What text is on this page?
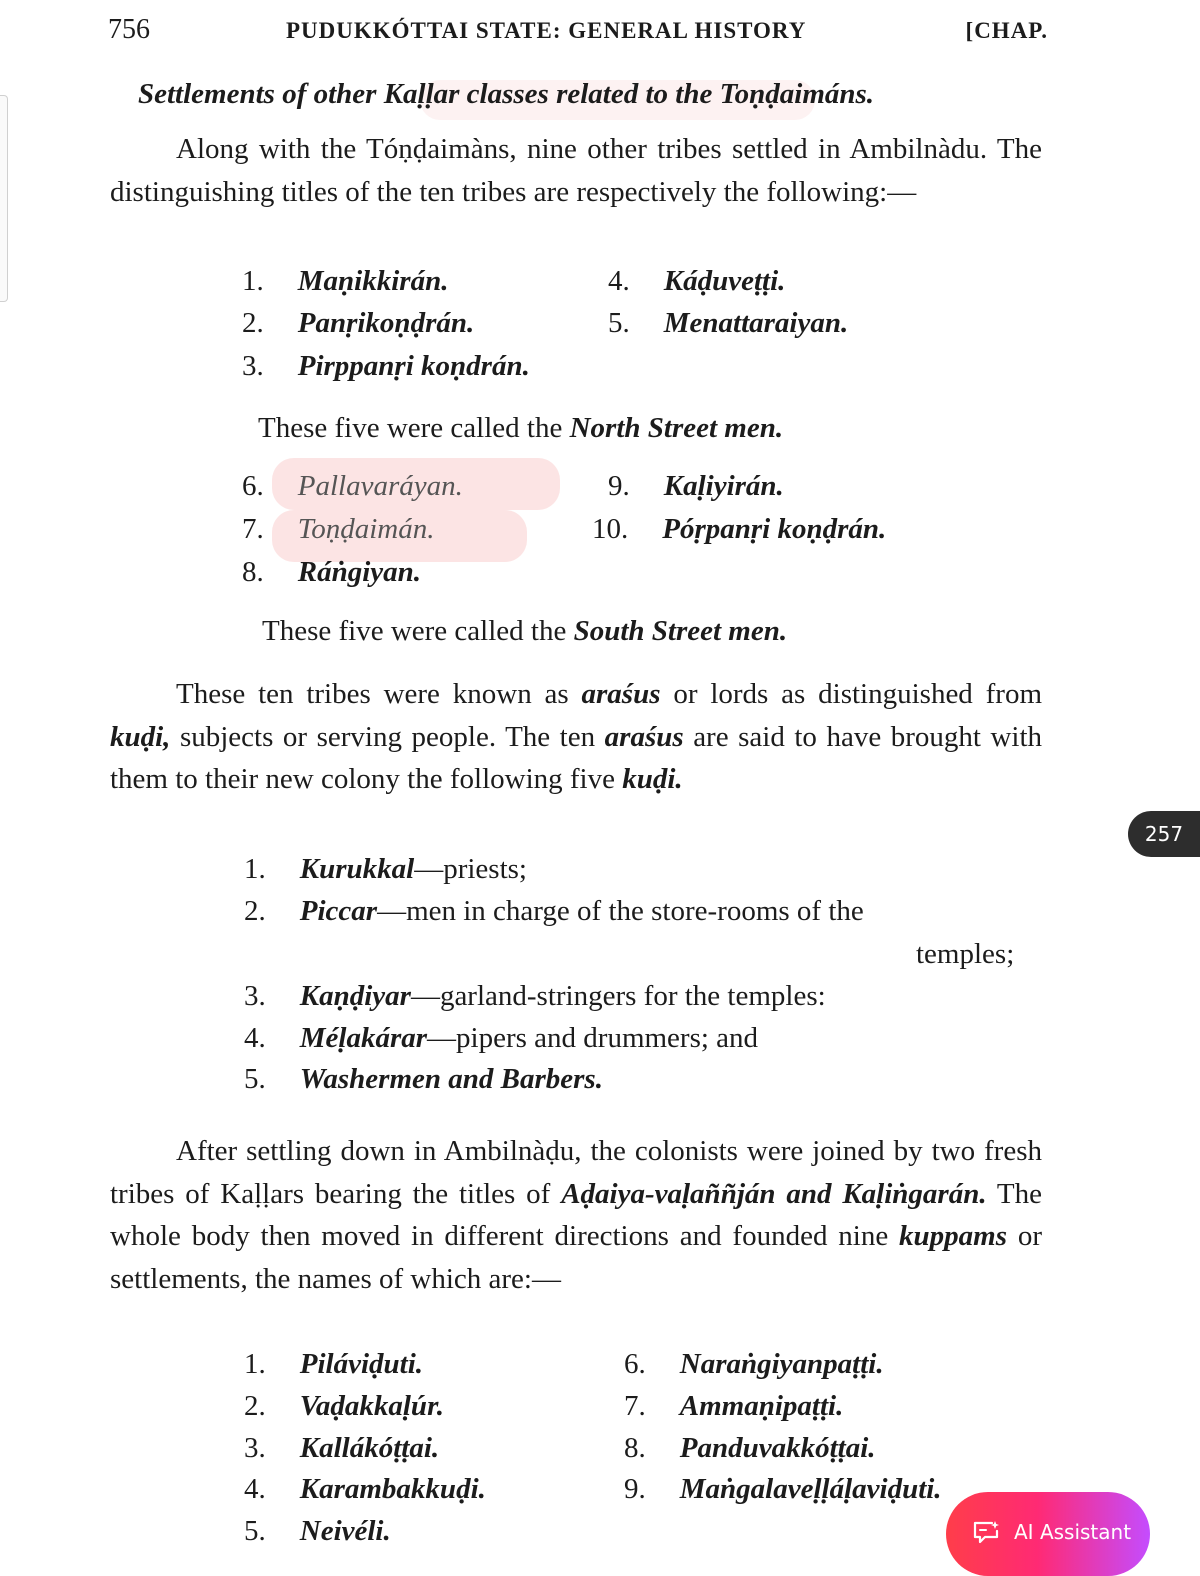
756	PUDUKKÓTTAI STATE: GENERAL HISTORY	[CHAP.
Settlements of other Kaḷḷar classes related to the Toṇḍaimáns.
Along with the Tóṇḍaimàns, nine other tribes settled in Ambilnàdu. The distinguishing titles of the ten tribes are respectively the following:—
1. Maṇikkirán.
2. Panṛikoṇḍrán.
3. Pirppanṛi koṇdrán.
4. Káḍuveṭṭi.
5. Menattaraiyan.
These five were called the North Street men.
6. Pallavaráyan.
7. Toṇḍaimán.
8. Ráṅgiyan.
9. Kaḷiyirán.
10. Póṛpanṛi koṇḍrán.
These five were called the South Street men.
These ten tribes were known as araśus or lords as distinguished from kuḍi, subjects or serving people. The ten araśus are said to have brought with them to their new colony the following five kuḍi.
1. Kurukkal—priests;
2. Piccar—men in charge of the store-rooms of the
temples;
3. Kaṇḍiyar—garland-stringers for the temples:
4. Méḷakárar—pipers and drummers; and
5. Washermen and Barbers.
After settling down in Ambilnàḍu, the colonists were joined by two fresh tribes of Kaḷḷars bearing the titles of Aḍaiya-vaḷaññján and Kaḷiṅgarán. The whole body then moved in different directions and founded nine kuppams or settlements, the names of which are:—
1. Piláviḍuti.
2. Vaḍakkaḷúr.
3. Kallákóṭṭai.
4. Karambakkuḍi.
5. Neivéli.
6. Naraṅgiyanpaṭṭi.
7. Ammaṇipaṭṭi.
8. Panduvakkóṭṭai.
9. Maṅgalaveḷḷáḷaviḍuti.
257
AI Assistant
